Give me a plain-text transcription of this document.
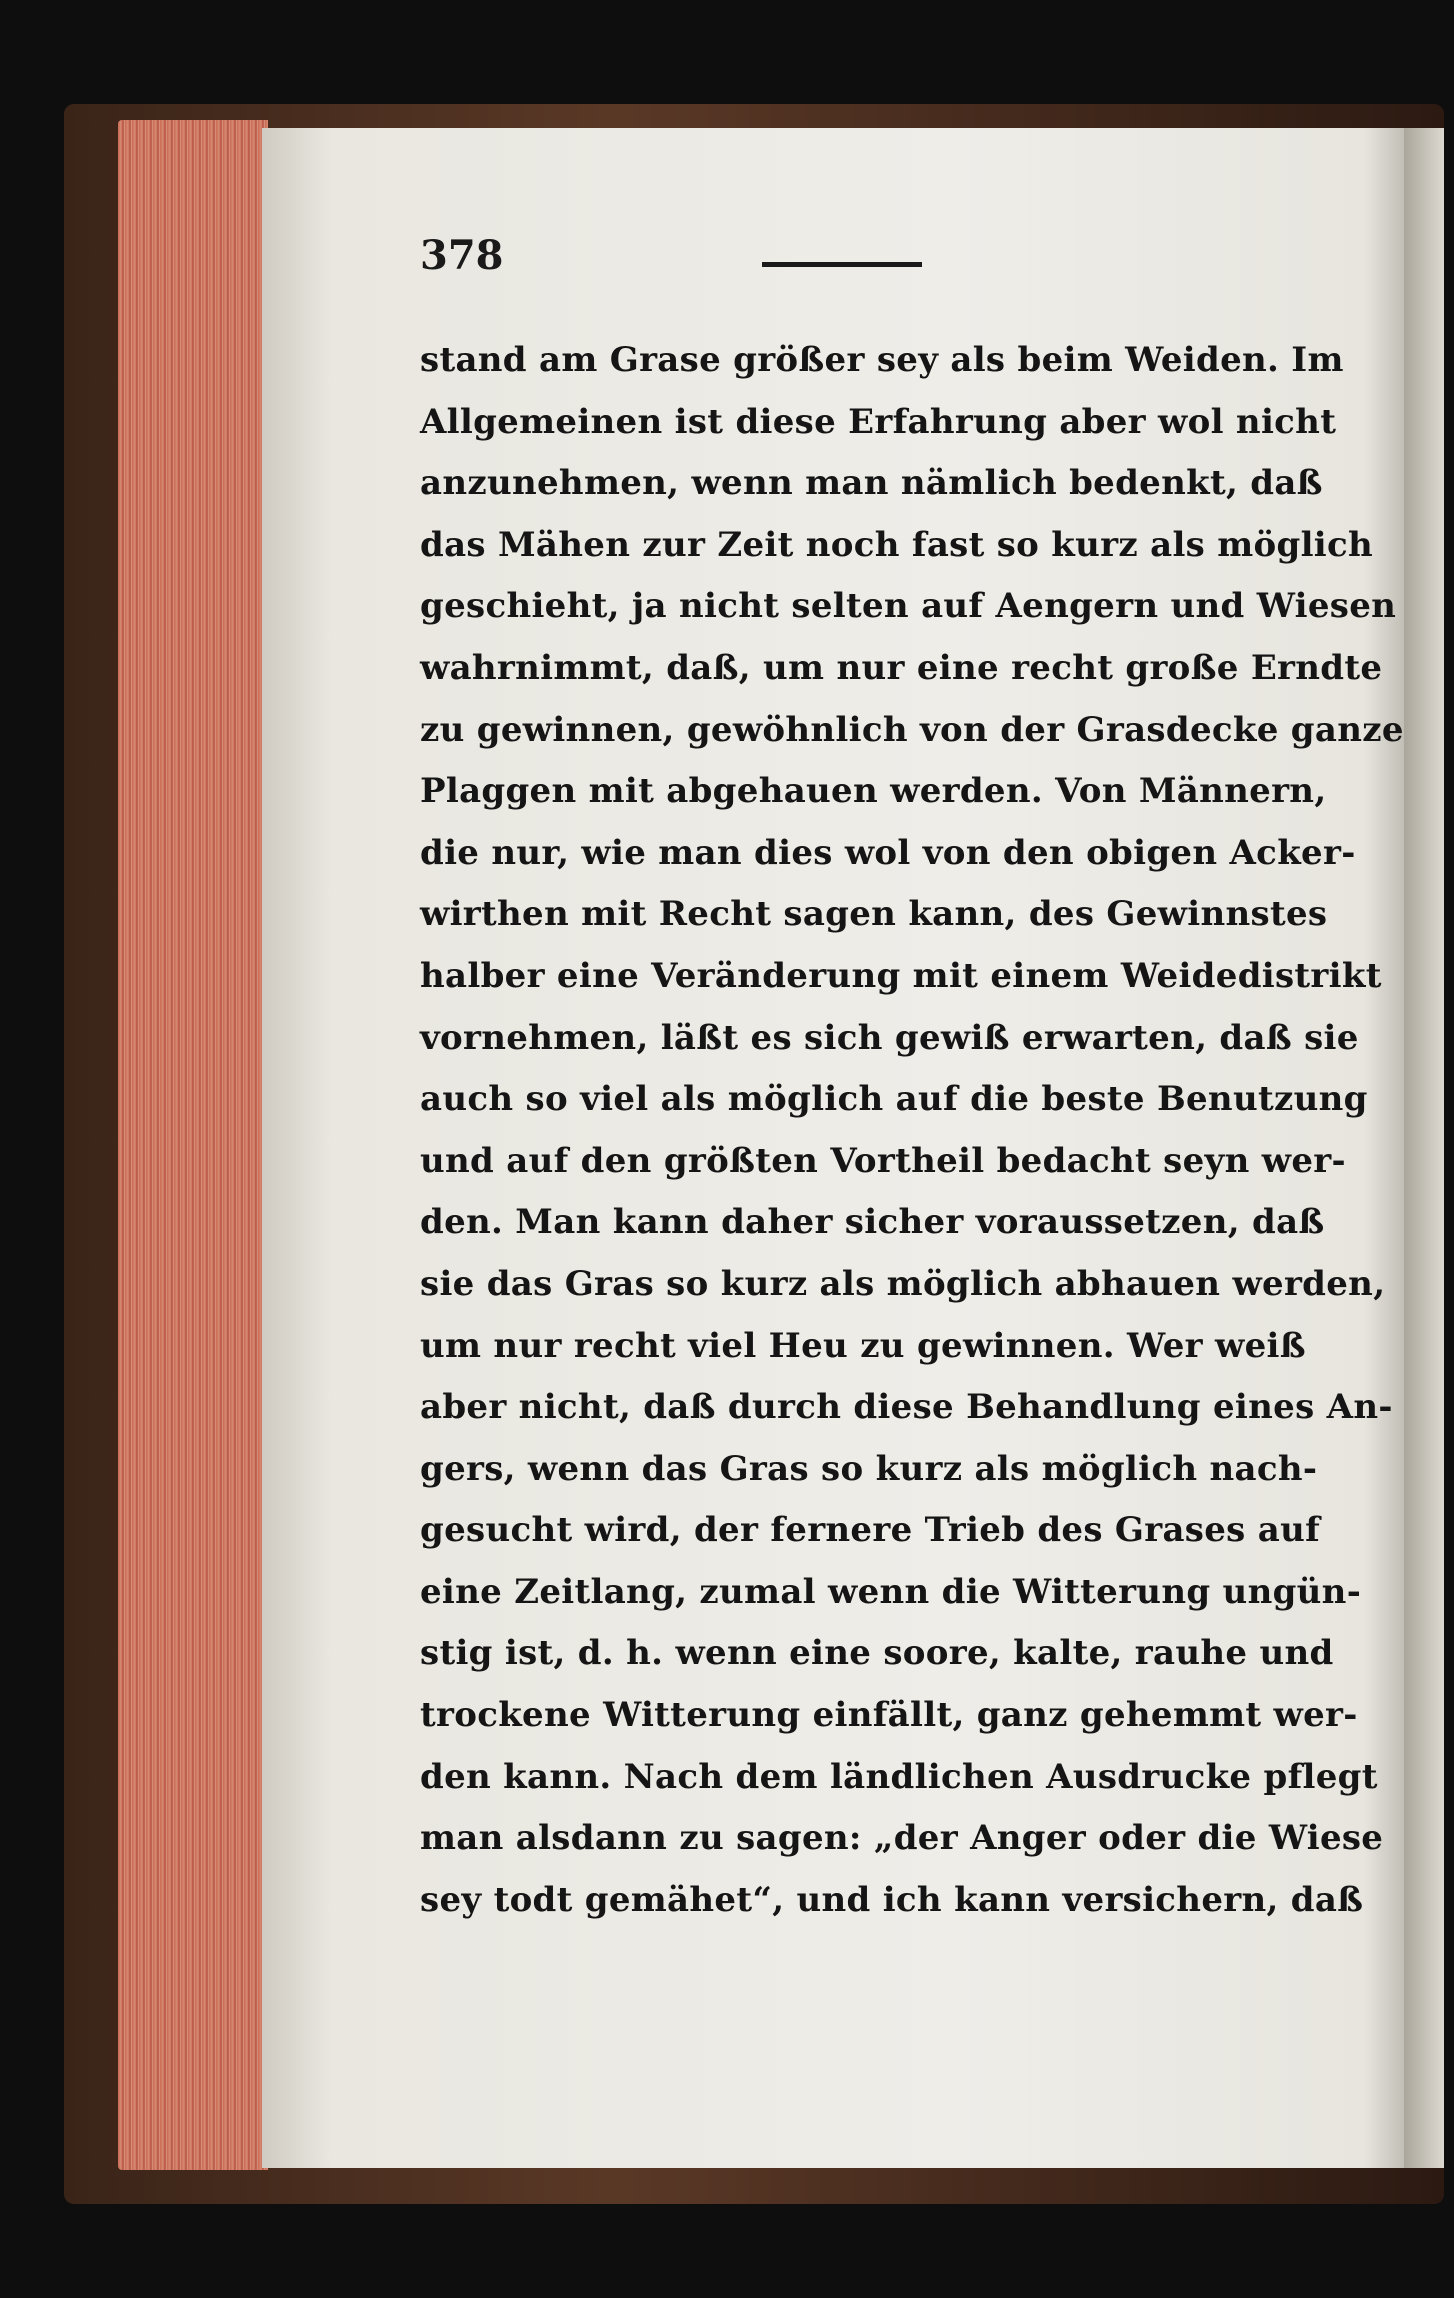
378
stand am Grase größer sey als beim Weiden. Im
Allgemeinen ist diese Erfahrung aber wol nicht
anzunehmen, wenn man nämlich bedenkt, daß
das Mähen zur Zeit noch fast so kurz als möglich
geschieht, ja nicht selten auf Aengern und Wiesen
wahrnimmt, daß, um nur eine recht große Erndte
zu gewinnen, gewöhnlich von der Grasdecke ganze
Plaggen mit abgehauen werden. Von Männern,
die nur, wie man dies wol von den obigen Acker-
wirthen mit Recht sagen kann, des Gewinnstes
halber eine Veränderung mit einem Weidedistrikt
vornehmen, läßt es sich gewiß erwarten, daß sie
auch so viel als möglich auf die beste Benutzung
und auf den größten Vortheil bedacht seyn wer-
den. Man kann daher sicher voraussetzen, daß
sie das Gras so kurz als möglich abhauen werden,
um nur recht viel Heu zu gewinnen. Wer weiß
aber nicht, daß durch diese Behandlung eines An-
gers, wenn das Gras so kurz als möglich nach-
gesucht wird, der fernere Trieb des Grases auf
eine Zeitlang, zumal wenn die Witterung ungün-
stig ist, d. h. wenn eine soore, kalte, rauhe und
trockene Witterung einfällt, ganz gehemmt wer-
den kann. Nach dem ländlichen Ausdrucke pflegt
man alsdann zu sagen: „der Anger oder die Wiese
sey todt gemähet“, und ich kann versichern, daß
